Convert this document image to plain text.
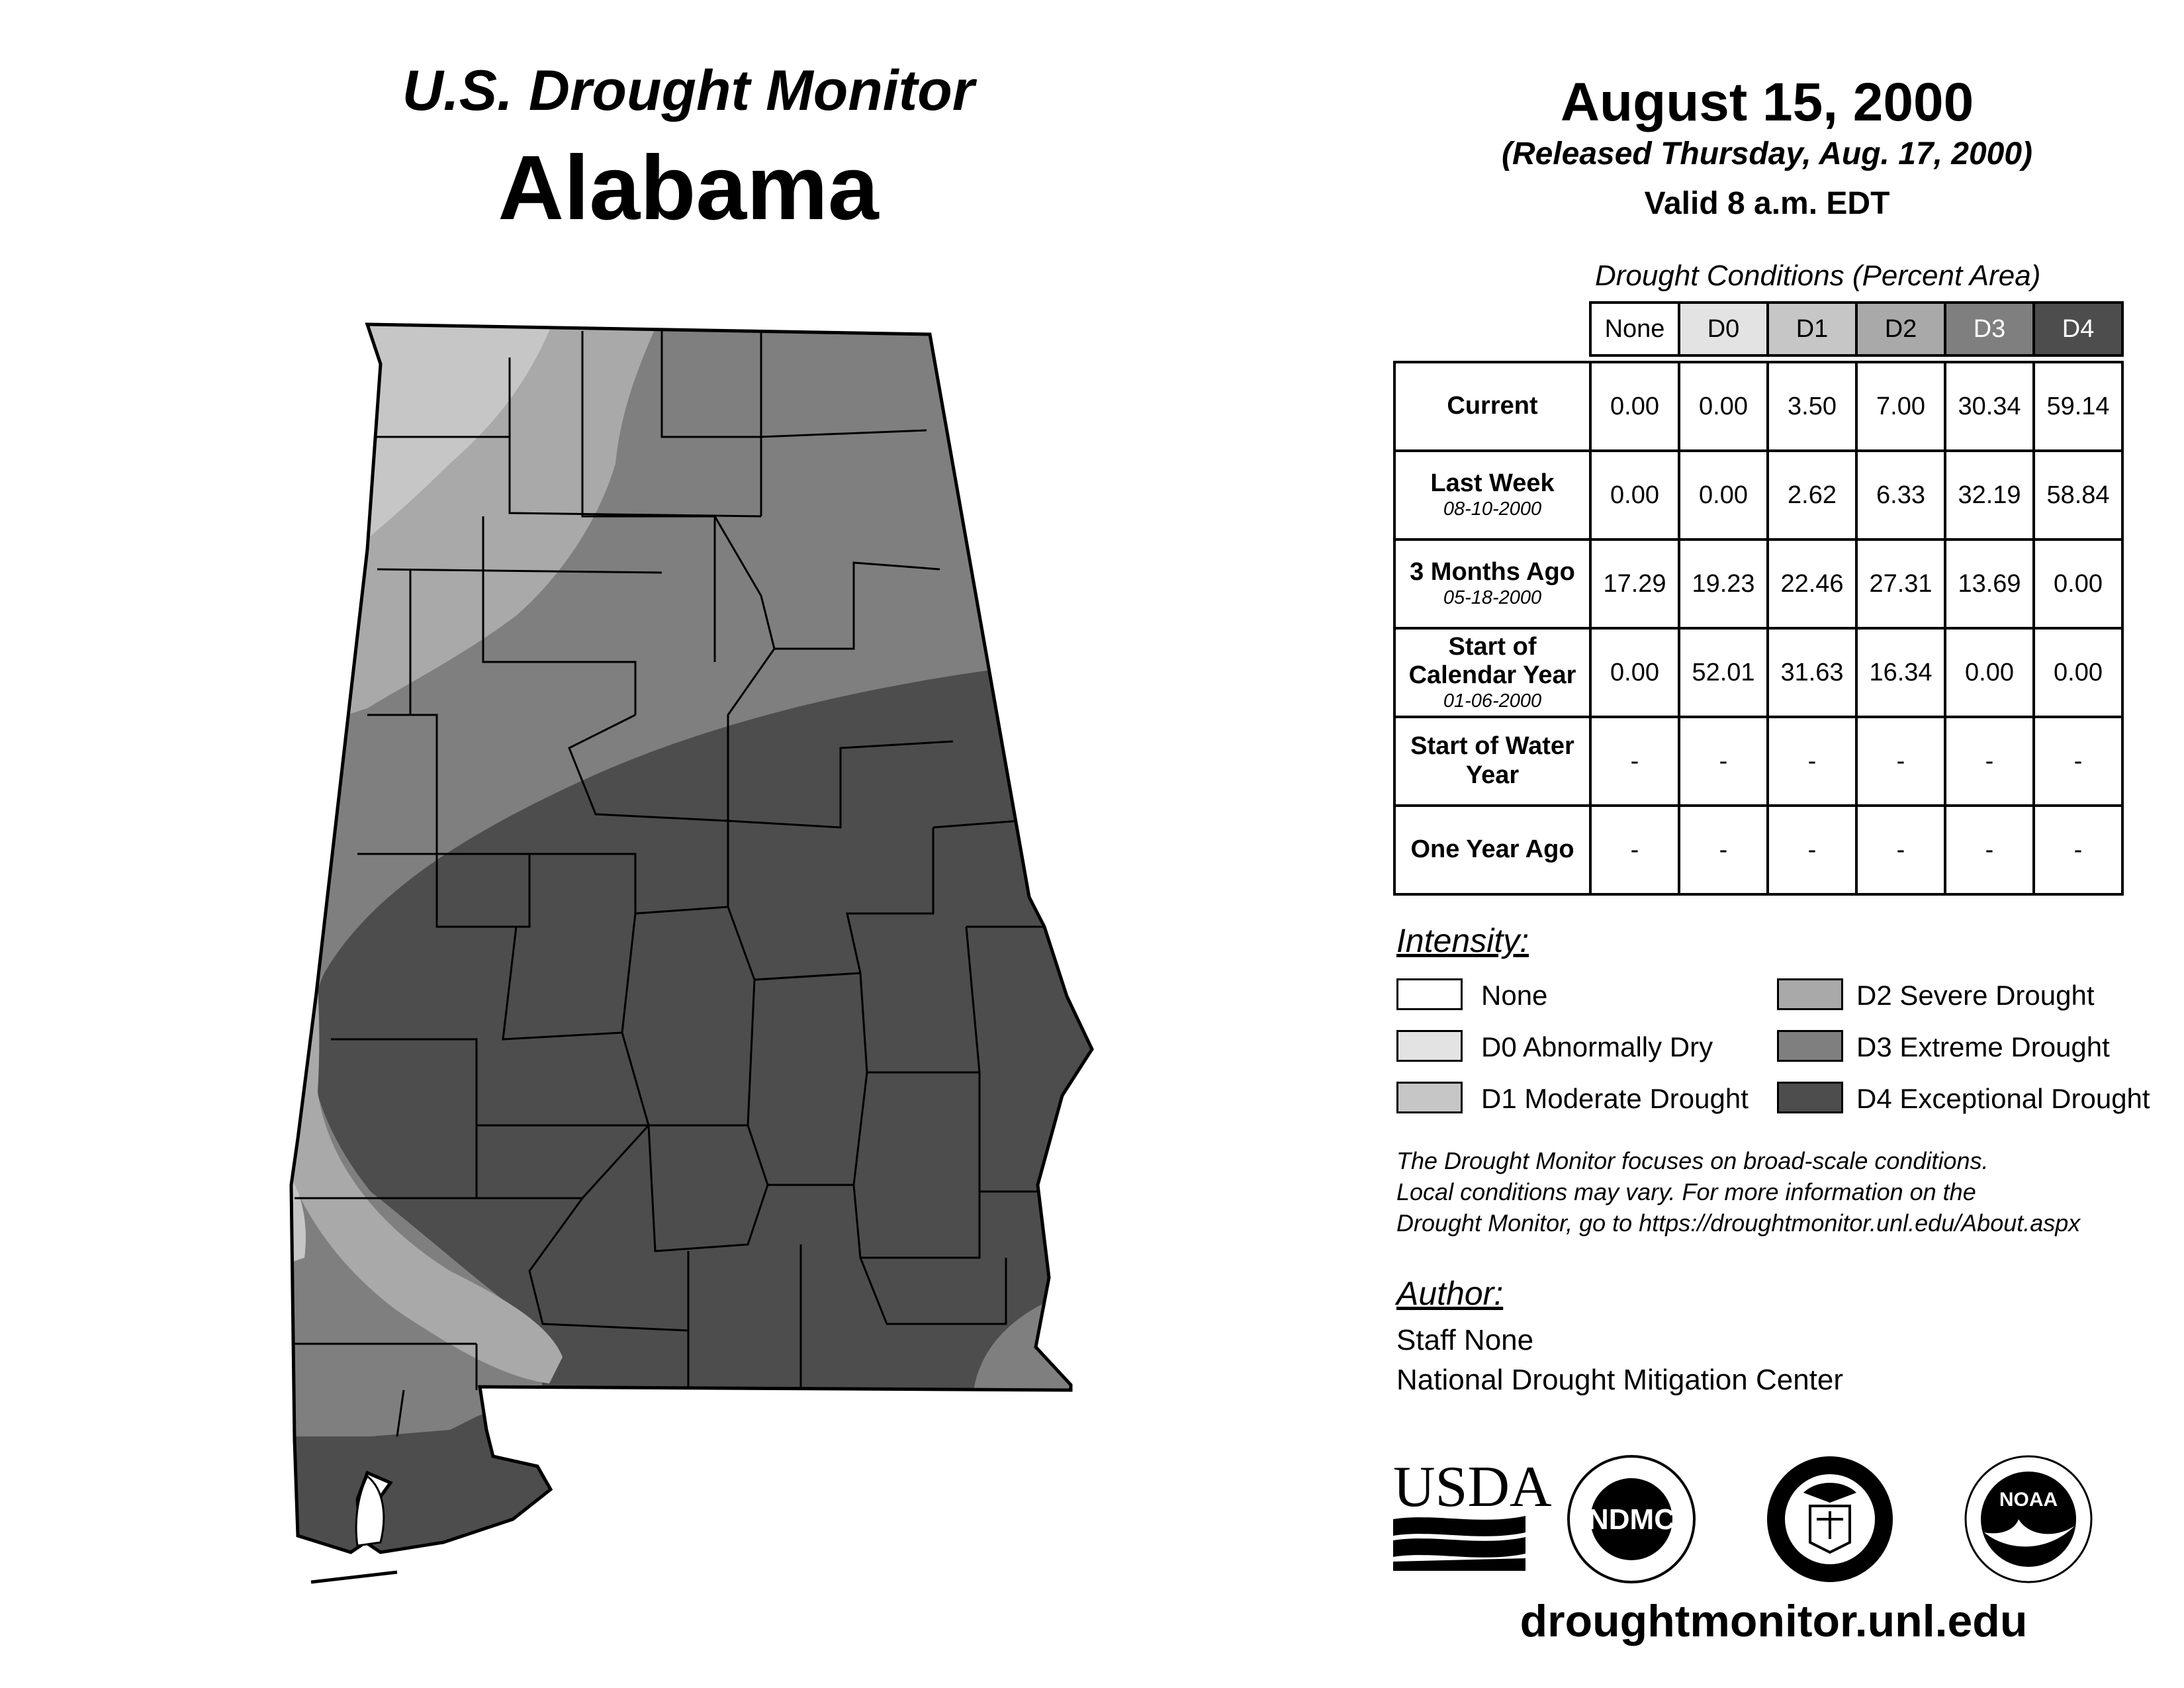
U.S. Drought Monitor
Alabama
August 15, 2000
(Released Thursday, Aug. 17, 2000)
Valid 8 a.m. EDT
Drought Conditions (Percent Area)
	None	D0	D1	D2	D3	D4

Current	0.00	0.00	3.50	7.00	30.34	59.14
Last Week
08-10-2000	0.00	0.00	2.62	6.33	32.19	58.84
3 Months Ago
05-18-2000	17.29	19.23	22.46	27.31	13.69	0.00
Start of Calendar Year
01-06-2000	0.00	52.01	31.63	16.34	0.00	0.00
Start of Water Year	-	-	-	-	-	-
One Year Ago	-	-	-	-	-	-
Intensity:
None
D0 Abnormally Dry
D1 Moderate Drought
D2 Severe Drought
D3 Extreme Drought
D4 Exceptional Drought
The Drought Monitor focuses on broad-scale conditions.
Local conditions may vary. For more information on the
Drought Monitor, go to https://droughtmonitor.unl.edu/About.aspx
Author:
Staff None
National Drought Mitigation Center
USDA
NDMC
NOAA
droughtmonitor.unl.edu
